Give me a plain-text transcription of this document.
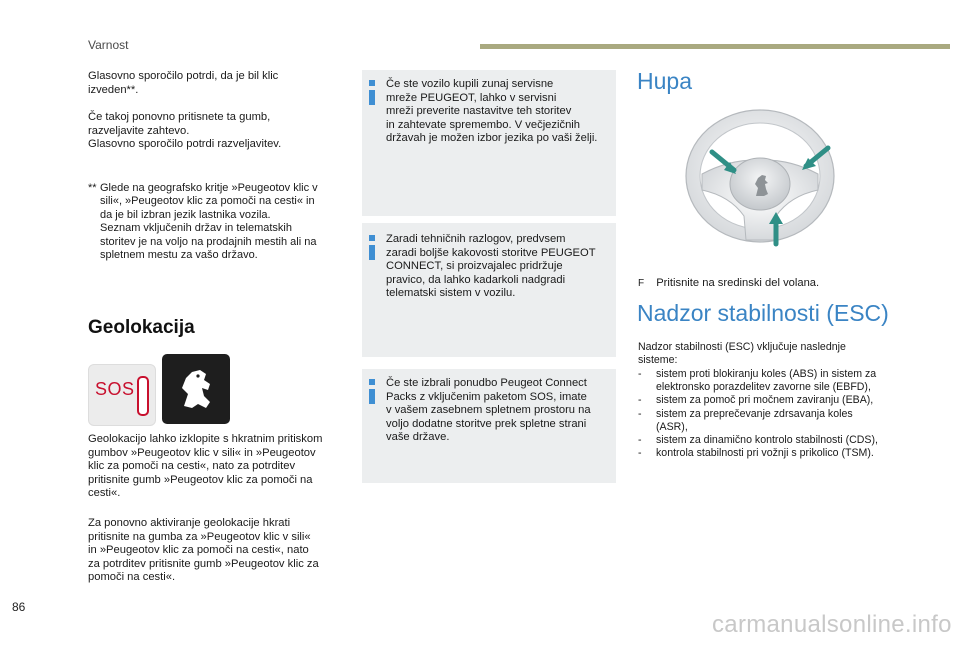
Varnost
Glasovno sporočilo potrdi, da je bil klic
izveden**.
Če takoj ponovno pritisnete ta gumb,
razveljavite zahtevo.
Glasovno sporočilo potrdi razveljavitev.
** Glede na geografsko kritje »Peugeotov klic v
sili«, »Peugeotov klic za pomoči na cesti« in
da je bil izbran jezik lastnika vozila.
Seznam vključenih držav in telematskih
storitev je na voljo na prodajnih mestih ali na
spletnem mestu za vašo državo.
Geolokacija
SOS
Geolokacijo lahko izklopite s hkratnim pritiskom
gumbov »Peugeotov klic v sili« in »Peugeotov
klic za pomoči na cesti«, nato za potrditev
pritisnite gumb »Peugeotov klic za pomoči na
cesti«.
Za ponovno aktiviranje geolokacije hkrati
pritisnite na gumba za »Peugeotov klic v sili«
in »Peugeotov klic za pomoči na cesti«, nato
za potrditev pritisnite gumb »Peugeotov klic za
pomoči na cesti«.
Če ste vozilo kupili zunaj servisne
mreže PEUGEOT, lahko v servisni
mreži preverite nastavitve teh storitev
in zahtevate spremembo. V večjezičnih
državah je možen izbor jezika po vaši želji.
Zaradi tehničnih razlogov, predvsem
zaradi boljše kakovosti storitve PEUGEOT
CONNECT, si proizvajalec pridržuje
pravico, da lahko kadarkoli nadgradi
telematski sistem v vozilu.
Če ste izbrali ponudbo Peugeot Connect
Packs z vključenim paketom SOS, imate
v vašem zasebnem spletnem prostoru na
voljo dodatne storitve prek spletne strani
vaše države.
Hupa
F Pritisnite na sredinski del volana.
Nadzor stabilnosti (ESC)
Nadzor stabilnosti (ESC) vključuje naslednje
sisteme:
- sistem proti blokiranju koles (ABS) in sistem za
elektronsko porazdelitev zavorne sile (EBFD),
- sistem za pomoč pri močnem zaviranju (EBA),
- sistem za preprečevanje zdrsavanja koles
(ASR),
- sistem za dinamično kontrolo stabilnosti (CDS),
- kontrola stabilnosti pri vožnji s prikolico (TSM).
86
carmanualsonline.info
